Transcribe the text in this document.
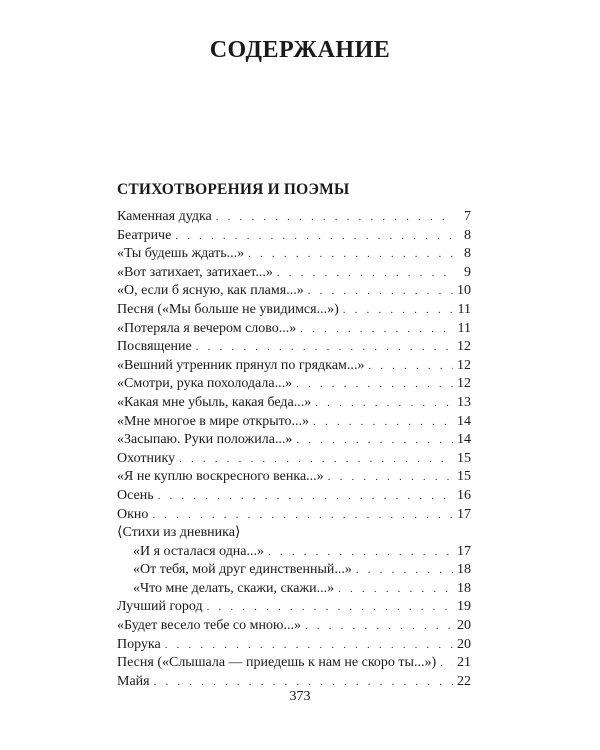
СОДЕРЖАНИЕ
СТИХОТВОРЕНИЯ И ПОЭМЫ
Каменная дудка . . .	7
Беатриче . . .	8
«Ты будешь ждать...» . . .	8
«Вот затихает, затихает...» . . .	9
«О, если б ясную, как пламя...» . . .	10
Песня («Мы больше не увидимся...») . . .	11
«Потеряла я вечером слово...» . . .	11
Посвящение . . .	12
«Вешний утренник прянул по грядкам...» . . .	12
«Смотри, рука похолодала...» . . .	12
«Какая мне убыль, какая беда...» . . .	13
«Мне многое в мире открыто...» . . .	14
«Засыпаю. Руки положила...» . . .	14
Охотнику . . .	15
«Я не куплю воскресного венка...» . . .	15
Осень . . .	16
Окно . . .	17
⟨Стихи из дневника⟩
«И я осталася одна...» . . .	17
«От тебя, мой друг единственный...» . . .	18
«Что мне делать, скажи, скажи...» . . .	18
Лучший город . . .	19
«Будет весело тебе со мною...» . . .	20
Порука . . .	20
Песня («Слышала — приедешь к нам не скоро ты...») . . . 21
Майя . . .	22
373
